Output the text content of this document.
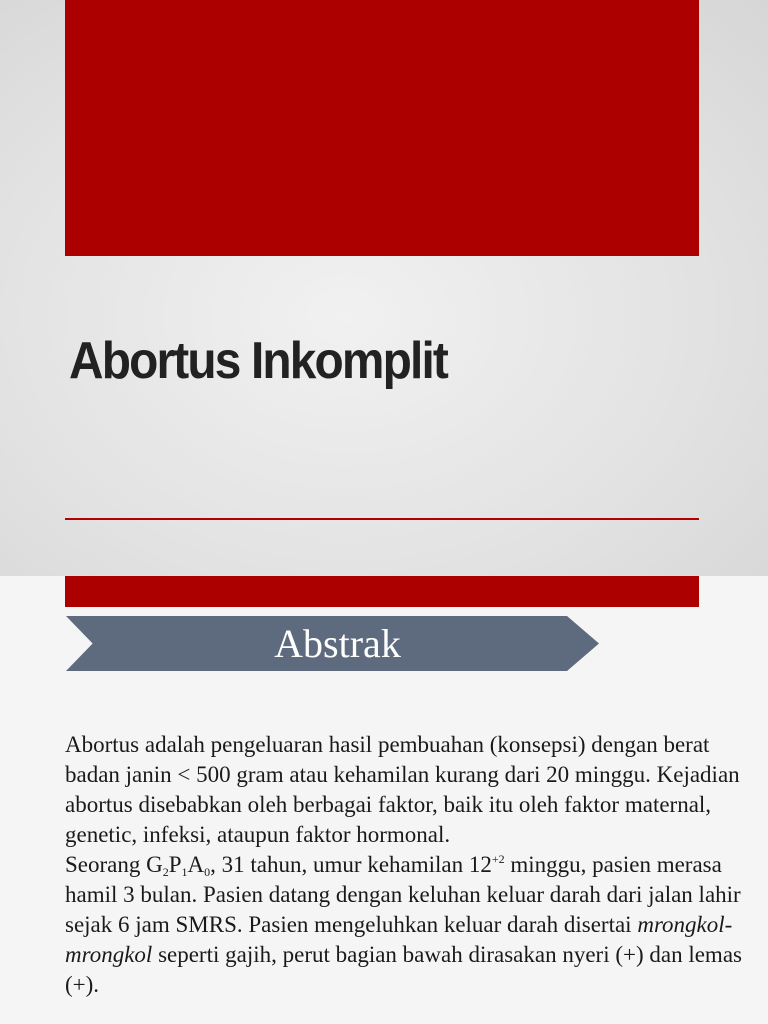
Abortus Inkomplit
Abstrak

Abortus adalah pengeluaran hasil pembuahan (konsepsi) dengan berat badan janin < 500 gram atau kehamilan kurang dari 20 minggu. Kejadian abortus disebabkan oleh berbagai faktor, baik itu oleh faktor maternal, genetic, infeksi, ataupun faktor hormonal.

Seorang $G_2P_1A_0$, 31 tahun, umur kehamilan $12^{+2}$ minggu, pasien merasa hamil 3 bulan. Pasien datang dengan keluhan keluar darah dari jalan lahir sejak 6 jam SMRS. Pasien mengeluhkan keluar darah disertai mrongkol-mrongkol seperti gajih, perut bagian bawah dirasakan nyeri (+) dan lemas (+).
